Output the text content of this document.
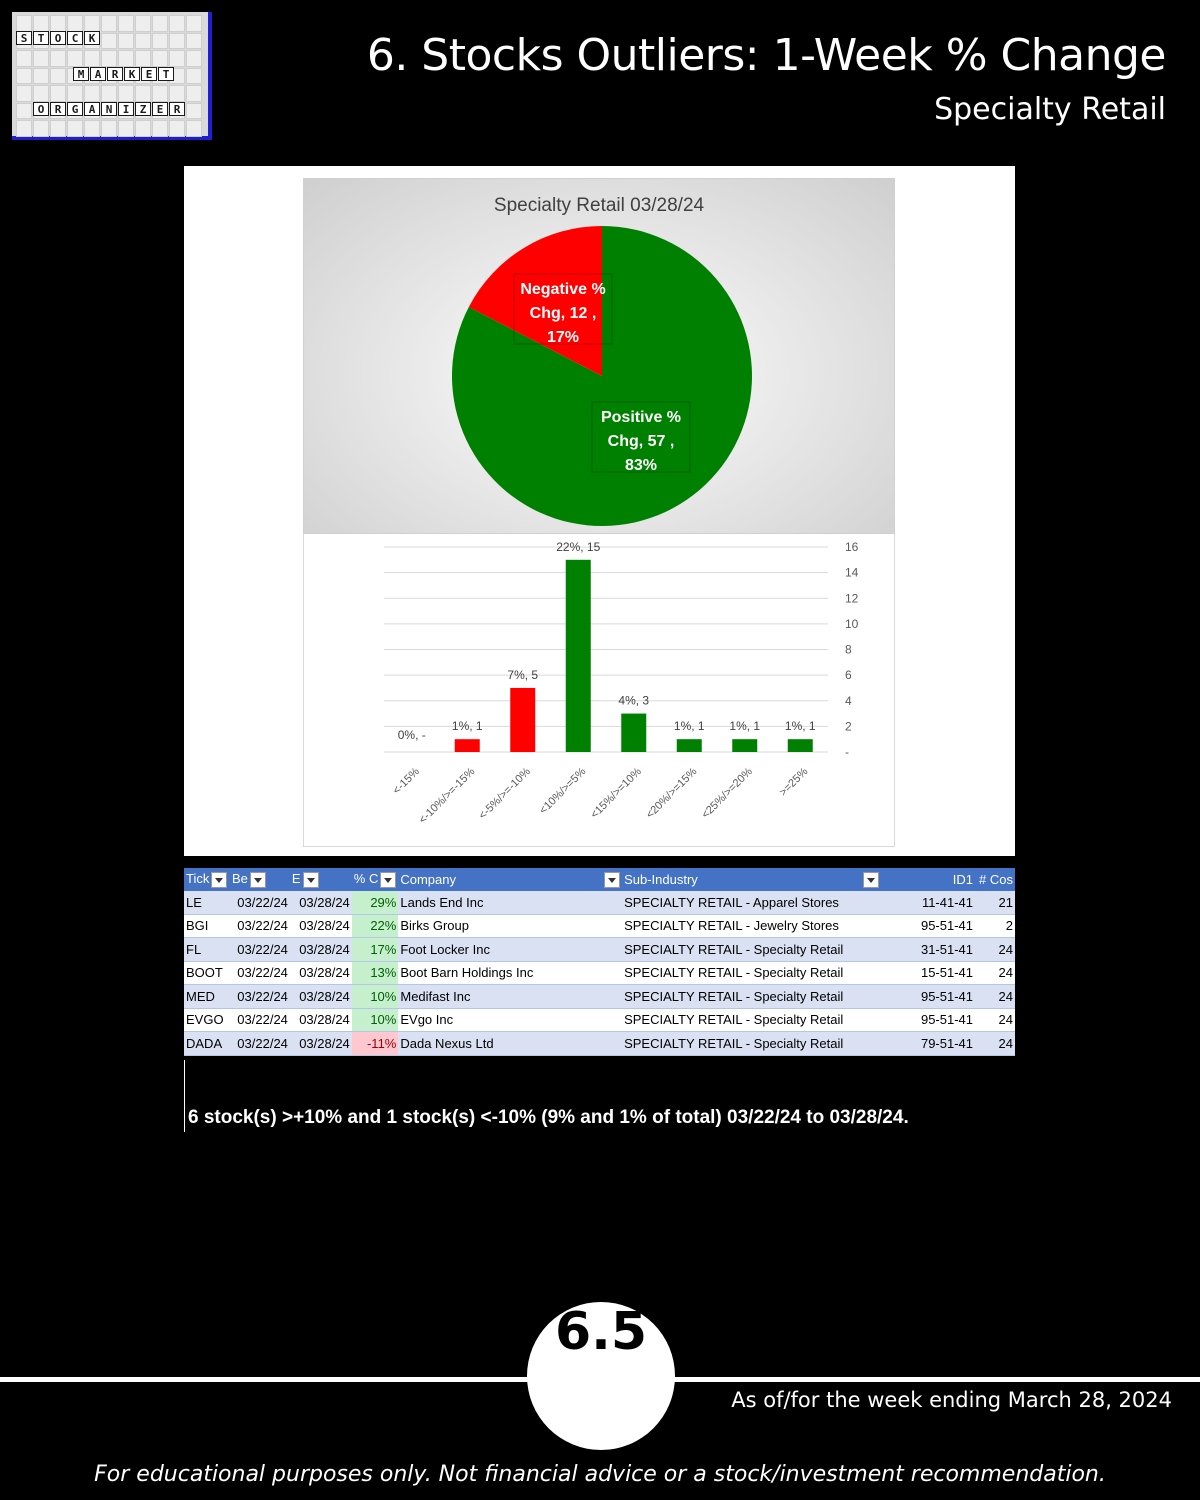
S T O C K
M A R K E T
O R G A N I Z E R
6. Stocks Outliers: 1-Week % Change
Specialty Retail
Specialty Retail 03/28/24
Negative %
Chg, 12 ,
17%
Positive %
Chg, 57 ,
83%
-
2
4
6
8
10
12
14
16
0%, -
<-15%
1%, 1
<-10%/>=-15%
7%, 5
<-5%/>=-10%
22%, 15
<10%/>=5%
4%, 3
<15%/>=10%
1%, 1
<20%/>=15%
1%, 1
<25%/>=20%
1%, 1
>=25%
Tick	Be	E	% C	Company	Sub-Industry	ID1	# Cos
LE	03/22/24	03/28/24	29%	Lands End Inc	SPECIALTY RETAIL - Apparel Stores	11-41-41	21
BGI	03/22/24	03/28/24	22%	Birks Group	SPECIALTY RETAIL - Jewelry Stores	95-51-41	2
FL	03/22/24	03/28/24	17%	Foot Locker Inc	SPECIALTY RETAIL - Specialty Retail	31-51-41	24
BOOT	03/22/24	03/28/24	13%	Boot Barn Holdings Inc	SPECIALTY RETAIL - Specialty Retail	15-51-41	24
MED	03/22/24	03/28/24	10%	Medifast Inc	SPECIALTY RETAIL - Specialty Retail	95-51-41	24
EVGO	03/22/24	03/28/24	10%	EVgo Inc	SPECIALTY RETAIL - Specialty Retail	95-51-41	24
DADA	03/22/24	03/28/24	-11%	Dada Nexus Ltd	SPECIALTY RETAIL - Specialty Retail	79-51-41	24
6 stock(s) >+10% and 1 stock(s) <-10% (9% and 1% of total) 03/22/24 to 03/28/24.
6.5
As of/for the week ending March 28, 2024
For educational purposes only. Not financial advice or a stock/investment recommendation.
